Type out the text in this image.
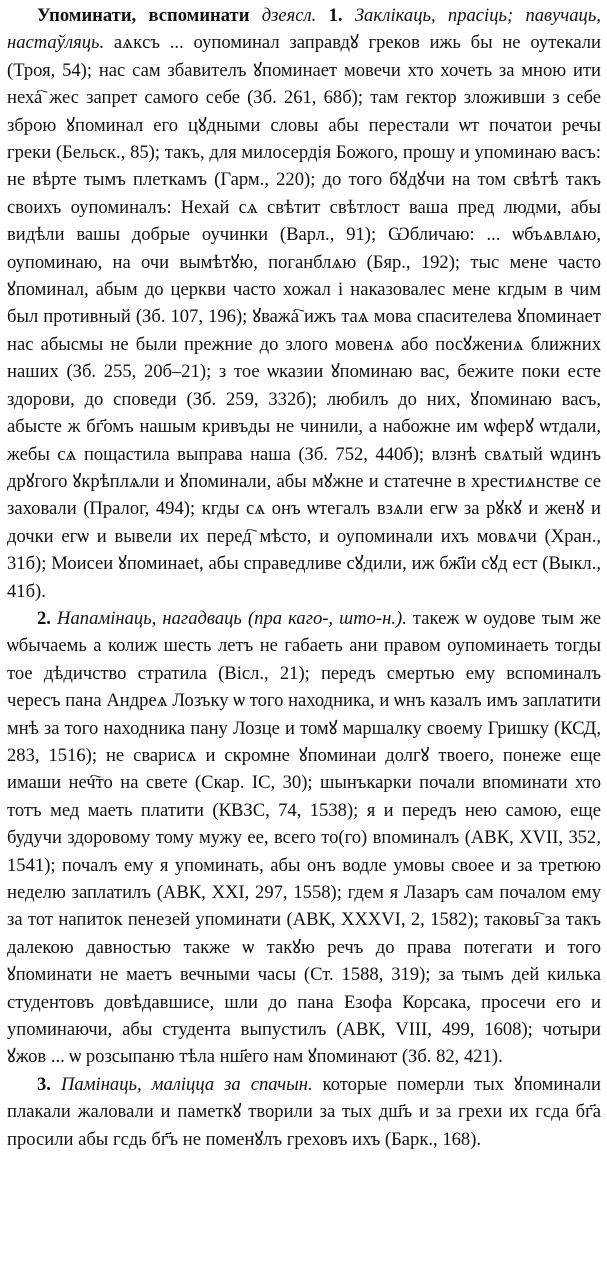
Упоминати, вспоминати дзеясл. 1. Заклікаць, прасіць; павучаць, настаўляць. аѧкcъ ... оупоминал заправдꙋ греков ижь бы не оутекали (Троя, 54); нас сам збавителъ ꙋпоминает мовечи хто хочеть за мною ити неха҇ жес запрет самого себе (Зб. 261, 68б); там гектор зложивши з себе зброю ꙋпоминал его цꙋдными словы абы перестали ѡт початои речы греки (Бельск., 85); такъ, для милосердія Божого, прошу и упоминаю васъ: не вѣрте тымъ плеткамъ (Гарм., 220); до того бꙋдꙋчи на том свѣтѣ такъ своихъ оупоминалъ: Нехай сѧ свѣтит свѣтлост ваша пред людми, абы видѣли вашы добрые оучинки (Варл., 91); Ѡбличаю: ... ѡбъѧвлѧю, оупоминаю, на очи вымѣтꙋю, поганблѧю (Бяр., 192); тыс мене часто ꙋпоминал, абым до церкви часто хожал і наказовалес мене кгдым в чим был противный (Зб. 107, 196); ꙋважа҇ ижъ таѧ мова спасителева ꙋпоминает нас абысмы не были прежние до злого мовенѧ або посꙋжениѧ ближних наших (Зб. 255, 20б–21); з тое ѡказии ꙋпоминаю вас, бежите поки есте здорови, до споведи (Зб. 259, 332б); любилъ до них, ꙋпоминаю васъ, абысте ж бг҃омъ нашым кривъды не чинили, а набожне им ѡферꙋ ѡтдали, жебы сѧ пощастила выправа наша (Зб. 752, 440б); влзнѣ свѧтый ѡдинъ дрꙋгого ꙋкрѣплѧли и ꙋпоминали, абы мꙋжне и статечне в хрестиѧнстве се заховали (Пралог, 494); кгды сѧ онъ ѡтегалъ взѧли егѡ за рꙋкꙋ и женꙋ и дочки егѡ и вывели их перед҇ мѣсто, и оупоминали ихъ мовѧчи (Хран., 31б); Моисеи ꙋпоминаеt, абы справедливе сꙋдили, иж бж҃їи сꙋд ест (Выкл., 41б).

2. Напамінаць, нагадваць (пра каго-, што-н.). такеж ѡ оудове тым же ѡбычаемь а колиж шесть летъ не габаеть ани правом оупоминаеть тогды тое дѣдичство стратила (Вісл., 21); передъ смертью ему вспоминалъ чересъ пана Андреѧ Лозъку ѡ того находника, и ѡнъ казалъ имъ заплатити мнѣ за того находника пану Лозце и томꙋ маршалку своему Гришку (КСД, 283, 1516); не сварисѧ и скромне ꙋпоминаи долгꙋ твоего, понеже еще имаши неч҇то на свете (Скар. ІС, 30); шынъкарки почали впоминати хто тотъ мед маеть платити (КВЗС, 74, 1538); я и передъ нею самою, еще будучи здоровому тому мужу ее, всего то(го) впоминалъ (АВК, XVII, 352, 1541); почалъ ему я упоминать, абы онъ водле умовы своее и за третюю неделю заплатилъ (АВК, XXI, 297, 1558); гдем я Лазаръ сам почалом ему за тот напиток пенезей упоминати (АВК, XXXVI, 2, 1582); таковы҇ за такъ далекою давностью также ѡ такꙋю речъ до права потегати и того ꙋпоминати не маетъ вечными часы (Ст. 1588, 319); за тымъ дей килька студентовъ довѣдавшисе, шли до пана Езофа Корсака, просечи его и упоминаючи, абы студента выпустилъ (АВК, VIII, 499, 1608); чотыри ꙋжов ... ѡ розсыпаню тѣла нш҃его нам ꙋпоминают (Зб. 82, 421).

3. Памінаць, маліцца за спачын. которые померли тых ꙋпоминали плакали жаловали и паметкꙋ творили за тых дш҃ъ и за грехи их гсда бг҃а просили абы гсдь бг҃ъ не поменꙋлъ греховъ ихъ (Барк., 168).
